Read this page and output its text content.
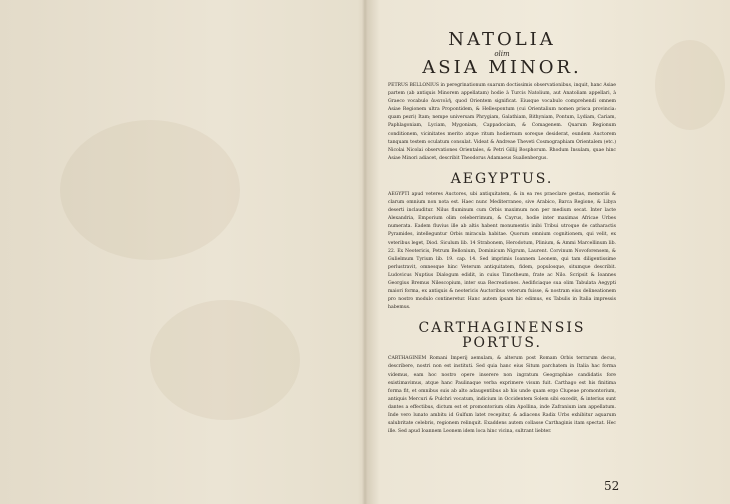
NATOLIA

olim

ASIA MINOR.

PETRUS BELLONIUS in peregrinationum suarum doctissimis observationibus, inquit, hanc Asiae partem (ab antiquis Minorem appellatam) hodie à Turcis Natolium, aut Anatoliam appellari, à Graeco vocabulo ἀνατολή, quod Orientem significat. Eiusque vocabulo comprehendi omnem Asiae Regionem ultra Propontidem, & Hellespontum (cui Orientalium nomen prisca provincia: quam pezri) Itam; nempe universam Phrygiam, Galathiam, Bithyniam, Pontum, Lydiam, Cariam, Paphlagoniam, Lyciam, Mygoniam, Cappadociam, & Comagenem. Quarum Regionum conditionem, vicinitates merito atque ritum hodiernum soreque desiderat, eundem Auctorem tanquam testem oculatum consulat. Videat & Andreae Theveti Cosmographiam Orientalem (etc.) Nicolai Nicolai observationes Orientales, & Petri Gillij Bosphorum. Rhodum Insulam, quae hinc Asiae Minori adiacet, describit Theodorus Adamaeus Suallenbergus.

AEGYPTUS.

AEGYPTI apud veteres Auctores, ubi antiquitatem, & in ea res praeclare gestas, memoriis & clarum omnium non nota est. Haec nunc Mediterraneo, sive Arabico, Barca Regione, & Libya deserti inclauditur. Nilus fluminum cum Orbis maximum non per medium secat. Inter lacte Alexandria, Emporium olim celeberrimum, & Cayrus, hodie inter maximas Africae Urbes numerata. Eadem fluvius ille ab altis habent monumentis inibi Tribui utroque de catharactis Pyramides, intelleguntur Orbis miracula habitae. Quorum omnium cognitionem, qui velit, ex veteribus leget, Diod. Siculum lib. 14 Strabonem, Herodotum, Plinium, & Ammi Marcellinum lib. 22. Ex Neotericis, Petrum Bellonium, Dominicum Nigrum, Laurent. Corvinum Novoforensem, & Gulielmum Tyrium lib. 19. cap. 14. Sed imprimis Ioannem Leonem, qui tam diligentissime perlustravit, omnesque hinc Veterum antiquitatem, fidem, populosque, situmque describit. Ludovicus Nuptius Dialogum edidit, in cuius Timotheum, frate ac Nilo. Scripsit & Ioannes Georgius Bremus Nilescopium, inter sua Recreationes. Aedificiaque sua olim Tabulata Aegypti maiori forma, ex antiquis & neotericis Auctoribus veterum fuisse, & nostram eius delineationem pro nostro modulo contineretur. Hanc autem ipsam hic edimus, ex Tabulis in Italia impressis habemus.

CARTHAGINENSIS

PORTUS.

CARTHAGINEM Romani Imperij aemulam, & alterum post Romam Orbis terrarum decus, describere, nostri non est instituti. Sed quia hanc eius Situm parchatem in Italia hac forma videmus, eam hoc nostro opere inserere non ingratum Geographiae candidatis fore existimavimus, atque hanc Paulinaque verba exprimere visum fuit. Carthago est his finitima forma fit, et omnibus suis ab alto adaugentibus ab his unde quam ergo Clupeae promontorium, antiquis Mercuri & Pulchri vocatum, indicium in Occidentem Solem sibi excedit, & interius sunt dantes a effectibus, dictum est et promontorium olim Apollina, inde Zafranium iam appellatum. Inde vero lunato ambitu id Gulfum latet recepitur, & adiacens Radix Urbs exhibitur aquarum salubritate celebris, regionem relinquit. Exaddens autem collasse Carthaginis itam spectat. Hec ille. Sed apud Ioannem Leonem idem loca hinc vicina, sultrant liebter.

52
